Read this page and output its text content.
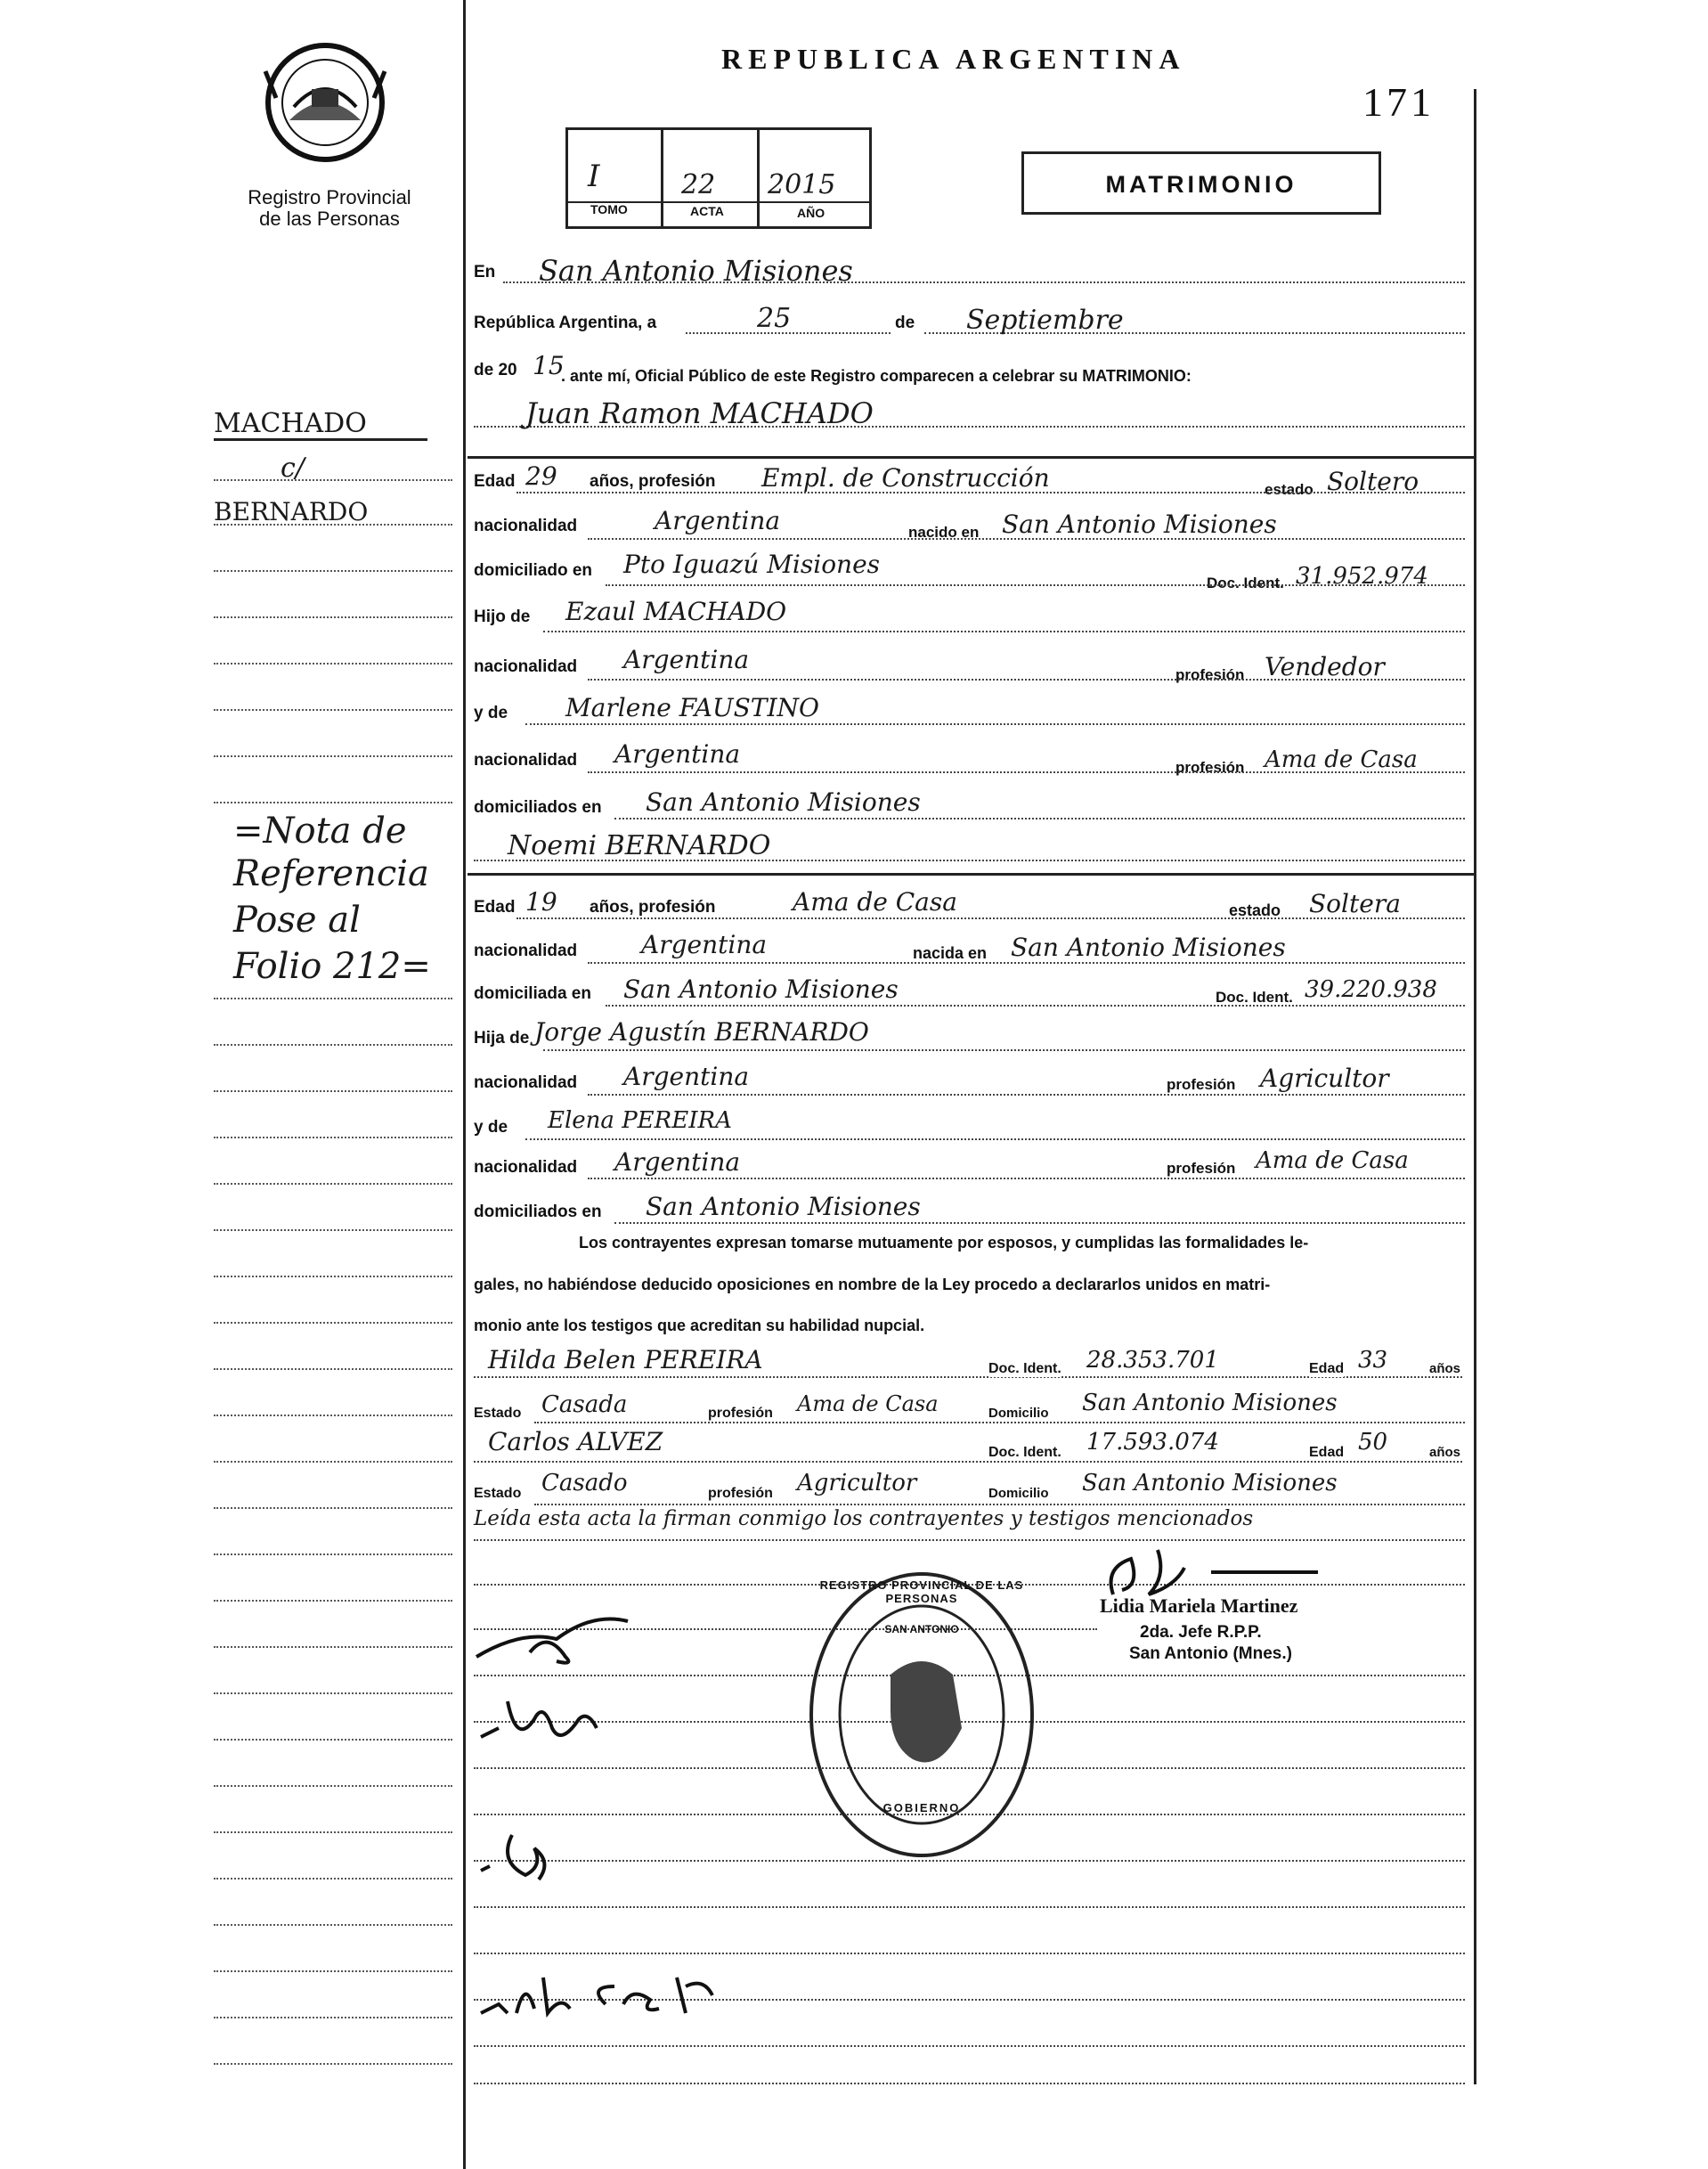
Registro Provincial
de las Personas
REPUBLICA ARGENTINA
171
I	22 2015
TOMO	ACTA	AÑO
MATRIMONIO
En San Antonio Misiones
República Argentina, a	25	de Septiembre
de 20 15
. ante mí, Oficial Público de este Registro comparecen a celebrar su MATRIMONIO:
Juan Ramon MACHADO
Edad 29 años, profesión Empl. de Construcción	estado Soltero
nacionalidad	Argentina	nacido en San Antonio Misiones
domiciliado en Pto Iguazú Misiones
Doc. Ident. 31.952.974
Hijo de Ezaul MACHADO
nacionalidad Argentina
profesión Vendedor
y de Marlene FAUSTINO
nacionalidad Argentina	profesión Ama de Casa
domiciliados en San Antonio Misiones
Noemi BERNARDO
Edad 19 años, profesión	Ama de Casa	estado Soltera
nacionalidad	Argentina	nacida en San Antonio Misiones
domiciliada en San Antonio Misiones	Doc. Ident. 39.220.938
Hija de Jorge Agustín BERNARDO
nacionalidad Argentina	profesión Agricultor
y de Elena PEREIRA
nacionalidad Argentina	profesión Ama de Casa
domiciliados en San Antonio Misiones
Los contrayentes expresan tomarse mutuamente por esposos, y cumplidas las formalidades le-
gales, no habiéndose deducido oposiciones en nombre de la Ley procedo a declararlos unidos en matri-
monio ante los testigos que acreditan su habilidad nupcial.
Hilda Belen PEREIRA	Doc. Ident. 28.353.701	Edad 33	años
Estado Casada	profesión Ama de Casa	Domicilio San Antonio Misiones
Carlos ALVEZ	Doc. Ident. 17.593.074	Edad 50	años
Estado Casado	profesión Agricultor	Domicilio San Antonio Misiones
Leída esta acta la firman conmigo los contrayentes y testigos mencionados
Lidia Mariela Martinez
2da. Jefe R.P.P.
San Antonio (Mnes.)
REGISTRO PROVINCIAL DE LAS PERSONAS
SAN ANTONIO
GOBIERNO
MACHADO
c/
BERNARDO
=Nota de
Referencia
Pose al
Folio 212=
